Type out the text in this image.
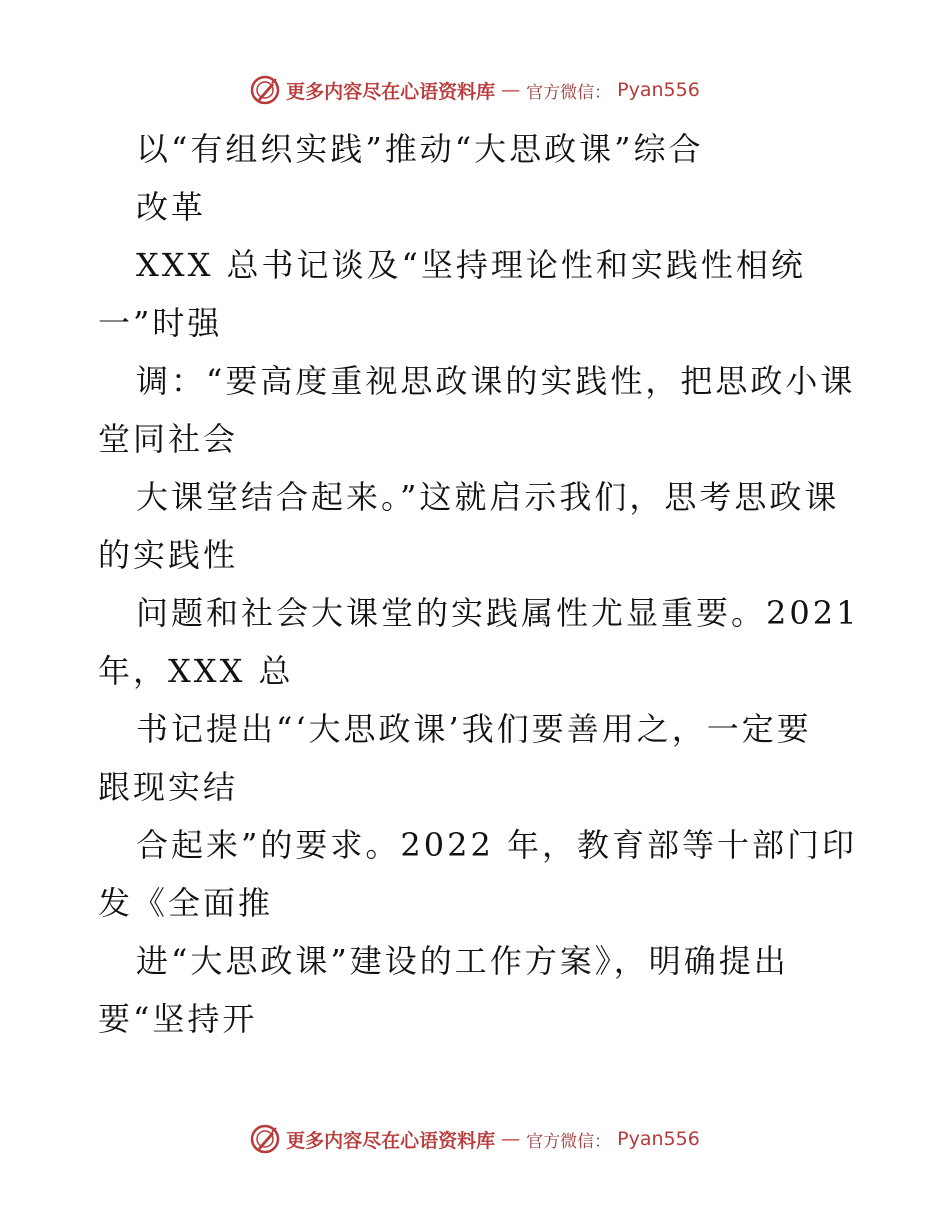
更多内容尽在心语资料库 — 官方微信： Pyan556
以“有组织实践”推动“大思政课”综合
改革
XXX 总书记谈及“坚持理论性和实践性相统
一”时强
调：“要高度重视思政课的实践性，把思政小课
堂同社会
大课堂结合起来。”这就启示我们，思考思政课
的实践性
问题和社会大课堂的实践属性尤显重要。2021
年，XXX 总
书记提出“‘大思政课’我们要善用之，一定要
跟现实结
合起来”的要求。2022 年，教育部等十部门印
发《全面推
进“大思政课”建设的工作方案》，明确提出
要“坚持开
更多内容尽在心语资料库 — 官方微信： Pyan556
